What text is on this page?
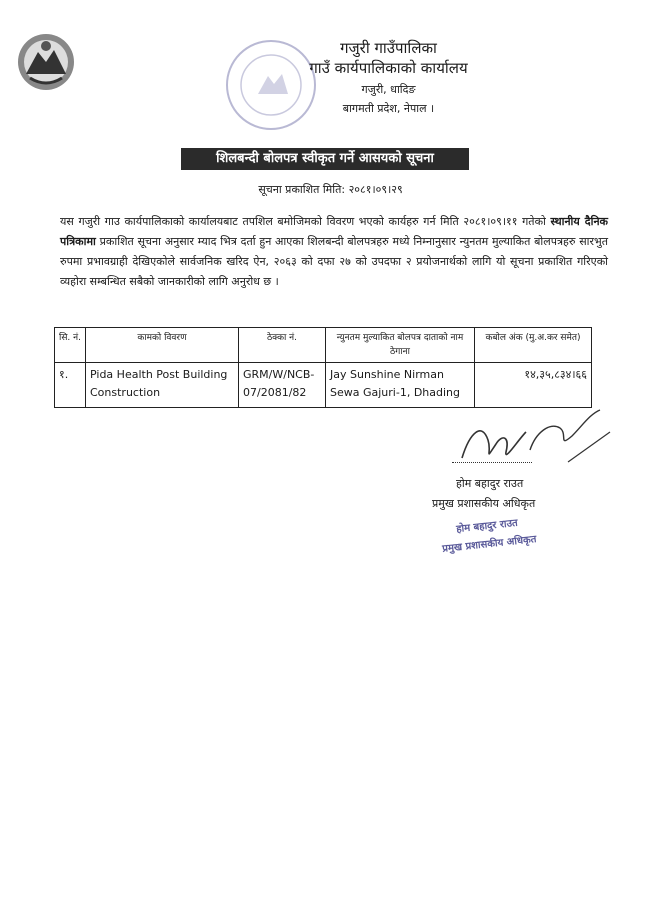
गजुरी गाउँपालिका
गाउँ कार्यपालिकाको कार्यालय
गजुरी, धादिङ
बागमती प्रदेश, नेपाल ।
शिलबन्दी बोलपत्र स्वीकृत गर्ने आसयको सूचना
सूचना प्रकाशित मिति: २०८१।०९।२९
यस गजुरी गाउ कार्यपालिकाको कार्यालयबाट तपशिल बमोजिमको विवरण भएको कार्यहरु गर्न मिति २०८१।०९।११ गतेको स्थानीय दैनिक पत्रिकामा प्रकाशित सूचना अनुसार म्याद भित्र दर्ता हुन आएका शिलबन्दी बोलपत्रहरु मध्ये निम्नानुसार न्युनतम मुल्याकित बोलपत्रहरु सारभुत रुपमा प्रभावग्राही देखिएकोले सार्वजनिक खरिद ऐन, २०६३ को दफा २७ को उपदफा २ प्रयोजनार्थको लागि यो सूचना प्रकाशित गरिएको व्यहोरा सम्बन्धित सबैको जानकारीको लागि अनुरोध छ ।
सि. नं.	कामको विवरण	ठेक्का नं.	न्युनतम मुल्याकित बोलपत्र दाताको नाम ठेगाना	कबोल अंक (मु.अ.कर समेत)
१.	Pida Health Post Building Construction	GRM/W/NCB-07/2081/82	Jay Sunshine Nirman Sewa Gajuri-1, Dhading	१४,३५,८३४।६६
होम बहादुर राउत
प्रमुख प्रशासकीय अधिकृत
होम बहादुर राउत
प्रमुख प्रशासकीय अधिकृत
